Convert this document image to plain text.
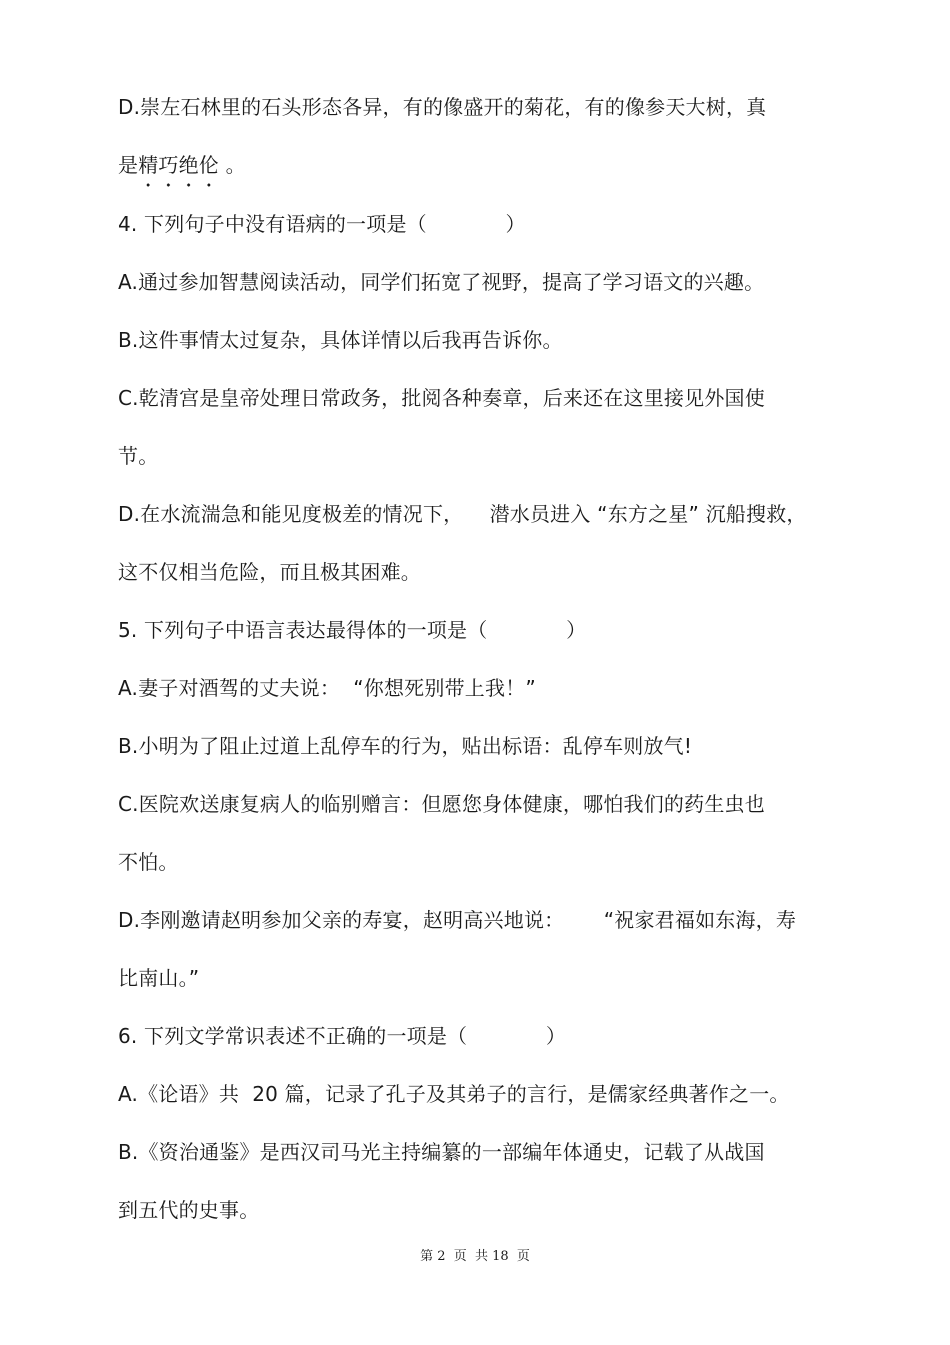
D.崇左石林里的石头形态各异，有的像盛开的菊花，有的像参天大树，真
是精巧绝伦 。
4. 下列句子中没有语病的一项是（            ）
A.通过参加智慧阅读活动，同学们拓宽了视野，提高了学习语文的兴趣。
B.这件事情太过复杂，具体详情以后我再告诉你。
C.乾清宫是皇帝处理日常政务，批阅各种奏章，后来还在这里接见外国使
节。
D.在水流湍急和能见度极差的情况下，    潜水员进入 “东方之星” 沉船搜救，
这不仅相当危险，而且极其困难。
5. 下列句子中语言表达最得体的一项是（            ）
A.妻子对酒驾的丈夫说：  “你想死别带上我！”
B.小明为了阻止过道上乱停车的行为，贴出标语：乱停车则放气!
C.医院欢送康复病人的临别赠言：但愿您身体健康，哪怕我们的药生虫也
不怕。
D.李刚邀请赵明参加父亲的寿宴，赵明高兴地说：      “祝家君福如东海，寿
比南山。”
6. 下列文学常识表述不正确的一项是（            ）
A.《论语》共  20 篇，记录了孔子及其弟子的言行，是儒家经典著作之一。
B.《资治通鉴》是西汉司马光主持编纂的一部编年体通史，记载了从战国
到五代的史事。
第 2  页  共 18  页
